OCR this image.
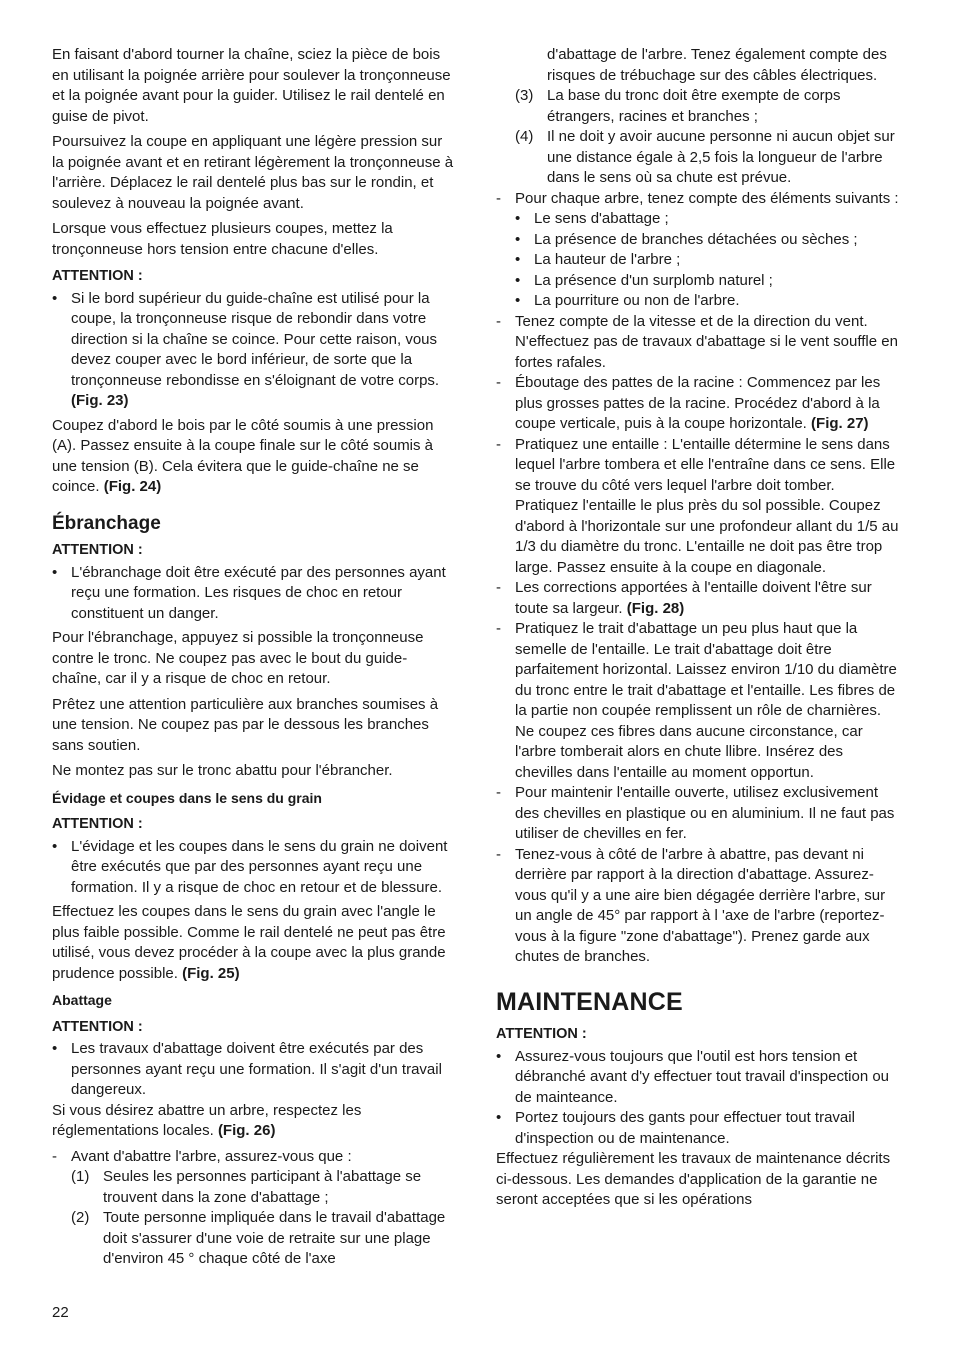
En faisant d'abord tourner la chaîne, sciez la pièce de bois en utilisant la poignée arrière pour soulever la tronçonneuse et la poignée avant pour la guider. Utilisez le rail dentelé en guise de pivot.

Poursuivez la coupe en appliquant une légère pression sur la poignée avant et en retirant légèrement la tronçonneuse à l'arrière. Déplacez le rail dentelé plus bas sur le rondin, et soulevez à nouveau la poignée avant.

Lorsque vous effectuez plusieurs coupes, mettez la tronçonneuse hors tension entre chacune d'elles.

ATTENTION :
• Si le bord supérieur du guide-chaîne est utilisé pour la coupe, la tronçonneuse risque de rebondir dans votre direction si la chaîne se coince. Pour cette raison, vous devez couper avec le bord inférieur, de sorte que la tronçonneuse rebondisse en s'éloignant de votre corps. (Fig. 23)

Coupez d'abord le bois par le côté soumis à une pression (A). Passez ensuite à la coupe finale sur le côté soumis à une tension (B). Cela évitera que le guide-chaîne ne se coince. (Fig. 24)

Ébranchage
ATTENTION :
• L'ébranchage doit être exécuté par des personnes ayant reçu une formation. Les risques de choc en retour constituent un danger.

Pour l'ébranchage, appuyez si possible la tronçonneuse contre le tronc. Ne coupez pas avec le bout du guide-chaîne, car il y a risque de choc en retour.

Prêtez une attention particulière aux branches soumises à une tension. Ne coupez pas par le dessous les branches sans soutien.

Ne montez pas sur le tronc abattu pour l'ébrancher.

Évidage et coupes dans le sens du grain
ATTENTION :
• L'évidage et les coupes dans le sens du grain ne doivent être exécutés que par des personnes ayant reçu une formation. Il y a risque de choc en retour et de blessure.

Effectuez les coupes dans le sens du grain avec l'angle le plus faible possible. Comme le rail dentelé ne peut pas être utilisé, vous devez procéder à la coupe avec la plus grande prudence possible. (Fig. 25)

Abattage
ATTENTION :
• Les travaux d'abattage doivent être exécutés par des personnes ayant reçu une formation. Il s'agit d'un travail dangereux.

Si vous désirez abattre un arbre, respectez les réglementations locales. (Fig. 26)

- Avant d'abattre l'arbre, assurez-vous que :
(1) Seules les personnes participant à l'abattage se trouvent dans la zone d'abattage ;
(2) Toute personne impliquée dans le travail d'abattage doit s'assurer d'une voie de retraite sur une plage d'environ 45 ° chaque côté de l'axe
d'abattage de l'arbre. Tenez également compte des risques de trébuchage sur des câbles électriques.
(3) La base du tronc doit être exempte de corps étrangers, racines et branches ;
(4) Il ne doit y avoir aucune personne ni aucun objet sur une distance égale à 2,5 fois la longueur de l'arbre dans le sens où sa chute est prévue.
- Pour chaque arbre, tenez compte des éléments suivants :
• Le sens d'abattage ;
• La présence de branches détachées ou sèches ;
• La hauteur de l'arbre ;
• La présence d'un surplomb naturel ;
• La pourriture ou non de l'arbre.
- Tenez compte de la vitesse et de la direction du vent. N'effectuez pas de travaux d'abattage si le vent souffle en fortes rafales.
- Éboutage des pattes de la racine : Commencez par les plus grosses pattes de la racine. Procédez d'abord à la coupe verticale, puis à la coupe horizontale. (Fig. 27)
- Pratiquez une entaille : L'entaille détermine le sens dans lequel l'arbre tombera et elle l'entraîne dans ce sens. Elle se trouve du côté vers lequel l'arbre doit tomber. Pratiquez l'entaille le plus près du sol possible. Coupez d'abord à l'horizontale sur une profondeur allant du 1/5 au 1/3 du diamètre du tronc. L'entaille ne doit pas être trop large. Passez ensuite à la coupe en diagonale.
- Les corrections apportées à l'entaille doivent l'être sur toute sa largeur. (Fig. 28)
- Pratiquez le trait d'abattage un peu plus haut que la semelle de l'entaille. Le trait d'abattage doit être parfaitement horizontal. Laissez environ 1/10 du diamètre du tronc entre le trait d'abattage et l'entaille. Les fibres de la partie non coupée remplissent un rôle de charnières. Ne coupez ces fibres dans aucune circonstance, car l'arbre tomberait alors en chute llibre. Insérez des chevilles dans l'entaille au moment opportun.
- Pour maintenir l'entaille ouverte, utilisez exclusivement des chevilles en plastique ou en aluminium. Il ne faut pas utiliser de chevilles en fer.
- Tenez-vous à côté de l'arbre à abattre, pas devant ni derrière par rapport à la direction d'abattage. Assurez-vous qu'il y a une aire bien dégagée derrière l'arbre, sur un angle de 45° par rapport à l 'axe de l'arbre (reportez-vous à la figure "zone d'abattage"). Prenez garde aux chutes de branches.
MAINTENANCE
ATTENTION :
• Assurez-vous toujours que l'outil est hors tension et débranché avant d'y effectuer tout travail d'inspection ou de mainteance.
• Portez toujours des gants pour effectuer tout travail d'inspection ou de maintenance.

Effectuez régulièrement les travaux de maintenance décrits ci-dessous. Les demandes d'application de la garantie ne seront acceptées que si les opérations

22
